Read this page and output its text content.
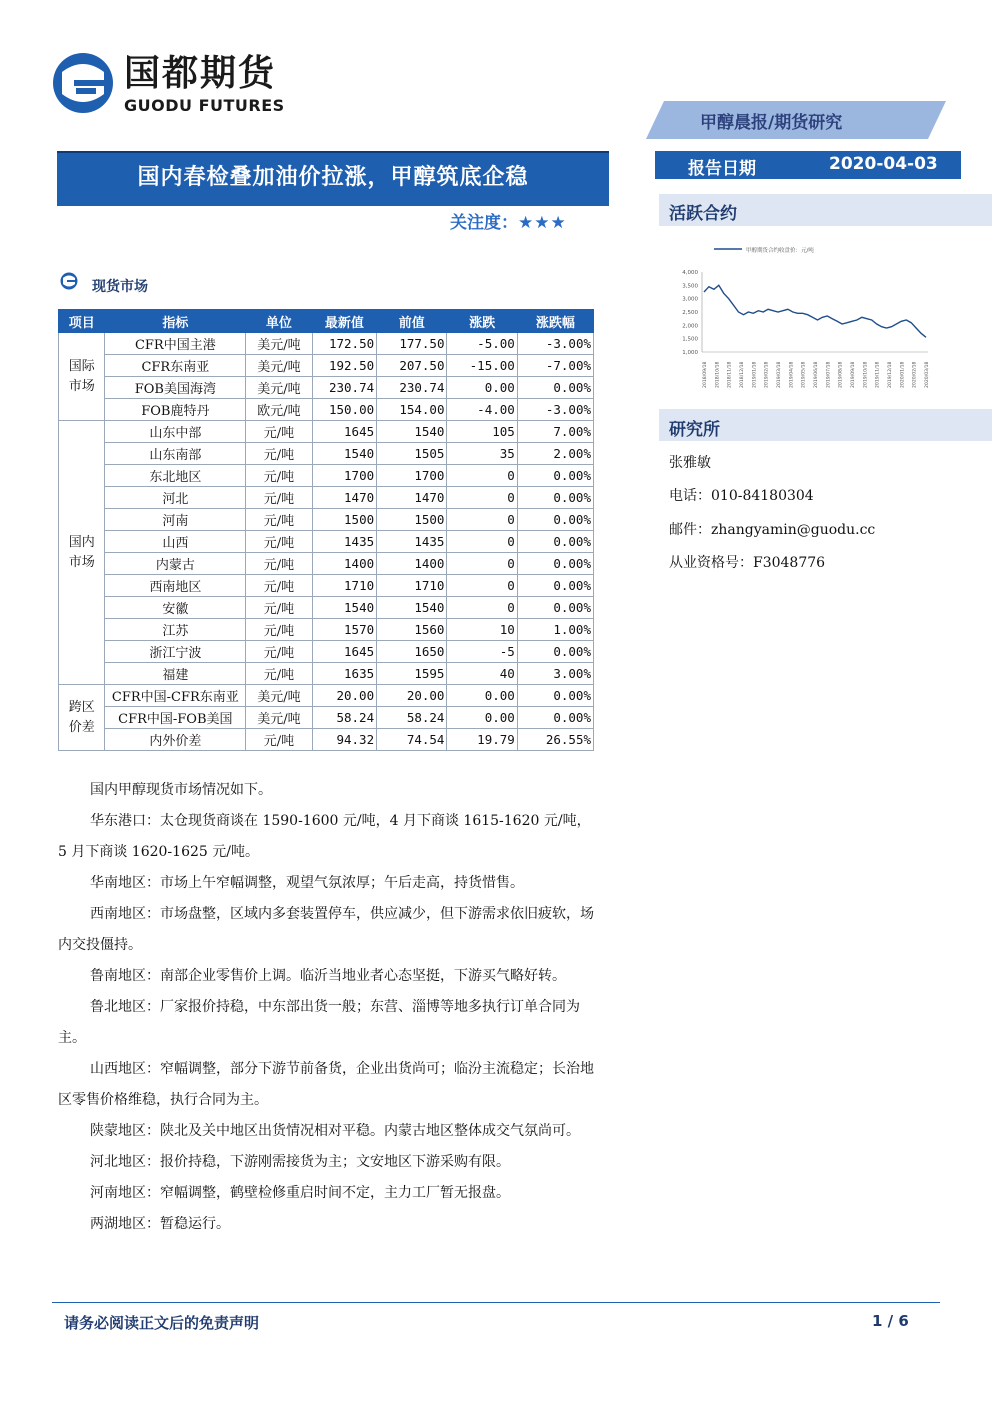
国都期货
GUODU FUTURES
甲醇晨报/期货研究
国内春检叠加油价拉涨，甲醇筑底企稳
关注度：★★★
报告日期	2020-04-03
活跃合约
甲醇期货合约收盘价：元/吨
4,000
3,500
3,000
2,500
2,000
1,500
1,000
2018/09/18 2018/10/18 2018/11/18 2018/12/18 2019/01/18 2019/02/18 2019/03/18 2019/04/18 2019/05/18 2019/06/18 2019/07/18 2019/08/18 2019/09/18 2019/10/18 2019/11/18 2019/12/18 2020/01/18 2020/02/18 2020/03/18
研究所
张雅敏
电话：010-84180304
邮件：zhangyamin@guodu.cc
从业资格号：F3048776
现货市场
项目	指标	单位	最新值	前值	涨跌	涨跌幅

国际
市场	CFR中国主港	美元/吨	172.50	177.50	-5.00	-3.00%
	CFR东南亚	美元/吨	192.50	207.50	-15.00	-7.00%
	FOB美国海湾	美元/吨	230.74	230.74	0.00	0.00%
	FOB鹿特丹	欧元/吨	150.00	154.00	-4.00	-3.00%

国内
市场	山东中部	元/吨	1645	1540	105	7.00%
	山东南部	元/吨	1540	1505	35	2.00%
	东北地区	元/吨	1700	1700	0	0.00%
	河北	元/吨	1470	1470	0	0.00%
	河南	元/吨	1500	1500	0	0.00%
	山西	元/吨	1435	1435	0	0.00%
	内蒙古	元/吨	1400	1400	0	0.00%
	西南地区	元/吨	1710	1710	0	0.00%
	安徽	元/吨	1540	1540	0	0.00%
	江苏	元/吨	1570	1560	10	1.00%
	浙江宁波	元/吨	1645	1650	-5	0.00%
	福建	元/吨	1635	1595	40	3.00%

跨区
价差	CFR中国-CFR东南亚	美元/吨	20.00	20.00	0.00	0.00%
	CFR中国-FOB美国	美元/吨	58.24	58.24	0.00	0.00%
	内外价差	元/吨	94.32	74.54	19.79	26.55%

国内甲醇现货市场情况如下。

华东港口：太仓现货商谈在 1590-1600 元/吨，4 月下商谈 1615-1620 元/吨，5 月下商谈 1620-1625 元/吨。

华南地区：市场上午窄幅调整，观望气氛浓厚；午后走高，持货惜售。

西南地区：市场盘整，区域内多套装置停车，供应减少，但下游需求依旧疲软，场内交投僵持。

鲁南地区：南部企业零售价上调。临沂当地业者心态坚挺，下游买气略好转。

鲁北地区：厂家报价持稳，中东部出货一般；东营、淄博等地多执行订单合同为主。

山西地区：窄幅调整，部分下游节前备货，企业出货尚可；临汾主流稳定；长治地区零售价格维稳，执行合同为主。

陕蒙地区：陕北及关中地区出货情况相对平稳。内蒙古地区整体成交气氛尚可。

河北地区：报价持稳，下游刚需接货为主；文安地区下游采购有限。

河南地区：窄幅调整，鹤壁检修重启时间不定，主力工厂暂无报盘。

两湖地区：暂稳运行。

请务必阅读正文后的免责声明	1 / 6
